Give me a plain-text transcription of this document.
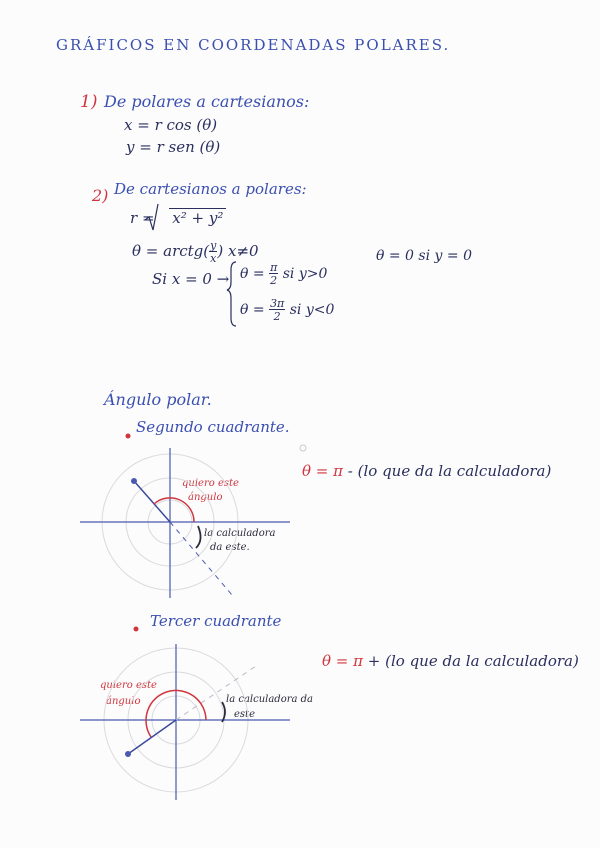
GRÁFICOS EN COORDENADAS POLARES.
1) De polares a cartesianos:
x = r cos (θ)
y = r sen (θ)
2) De cartesianos a polares:
r = x² + y²
θ = arctg( $\frac{y}{x}$ ) x≠0
Si $x = 0 \to \theta = \frac{\pi}{2}$ si y>0
$\theta = \frac{3\pi}{2}$ si y<0
θ = 0 si y = 0
Ángulo polar.
Segundo cuadrante.
Tercer cuadrante
θ = π - (lo que da la calculadora)
θ = π + (lo que da la calculadora)
quiero este
ángulo
la calculadora
da este.
quiero este
ángulo	la calculadora da
este
